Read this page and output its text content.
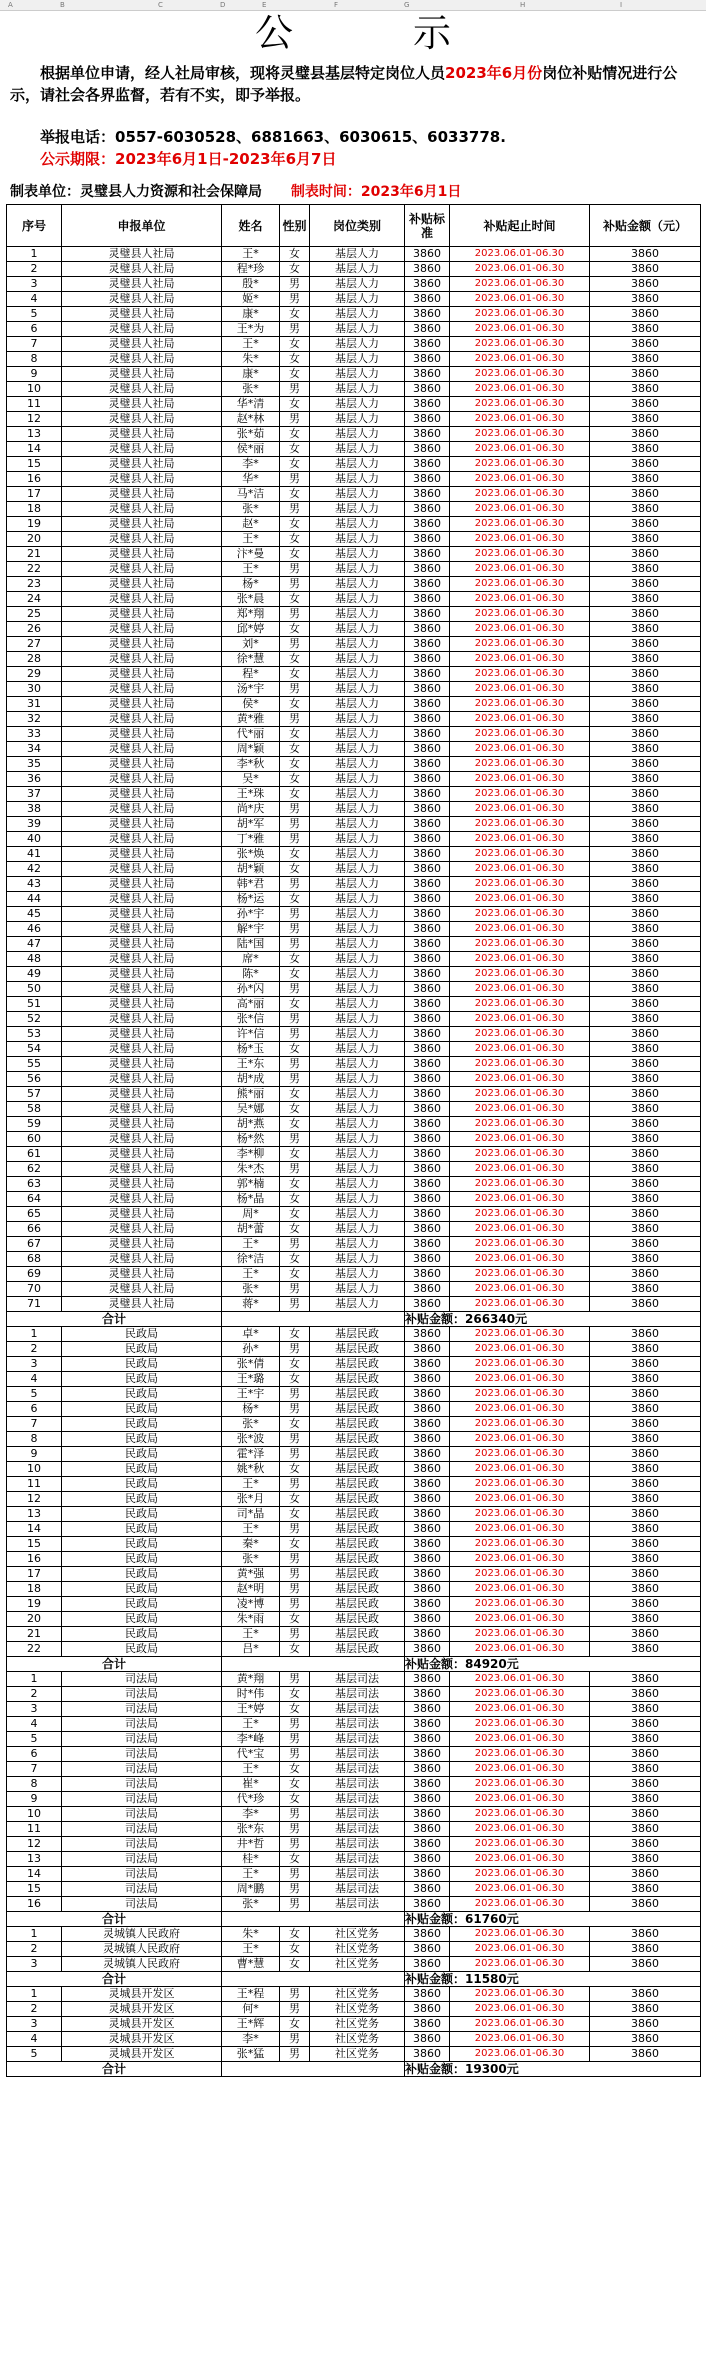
A	B	C	D	E	F	G	H	I
公示
  根据单位申请，经人社局审核，现将灵璧县基层特定岗位人员2023年6月份岗位补贴情况进行公示，请社会各界监督，若有不实，即予举报。
举报电话：0557-6030528、6881663、6030615、6033778.
公示期限：2023年6月1日-2023年6月7日
制表单位：灵璧县人力资源和社会保障局 制表时间：2023年6月1日
序号	申报单位	姓名	性别	岗位类别	补贴标准	补贴起止时间	补贴金额（元）
1	灵璧县人社局	王*	女	基层人力	3860	2023.06.01-06.30	3860
2	灵璧县人社局	程*珍	女	基层人力	3860	2023.06.01-06.30	3860
3	灵璧县人社局	殷*	男	基层人力	3860	2023.06.01-06.30	3860
4	灵璧县人社局	姬*	男	基层人力	3860	2023.06.01-06.30	3860
5	灵璧县人社局	康*	女	基层人力	3860	2023.06.01-06.30	3860
6	灵璧县人社局	王*为	男	基层人力	3860	2023.06.01-06.30	3860
7	灵璧县人社局	王*	女	基层人力	3860	2023.06.01-06.30	3860
8	灵璧县人社局	朱*	女	基层人力	3860	2023.06.01-06.30	3860
9	灵璧县人社局	康*	女	基层人力	3860	2023.06.01-06.30	3860
10	灵璧县人社局	张*	男	基层人力	3860	2023.06.01-06.30	3860
11	灵璧县人社局	华*清	女	基层人力	3860	2023.06.01-06.30	3860
12	灵璧县人社局	赵*林	男	基层人力	3860	2023.06.01-06.30	3860
13	灵璧县人社局	张*茹	女	基层人力	3860	2023.06.01-06.30	3860
14	灵璧县人社局	侯*丽	女	基层人力	3860	2023.06.01-06.30	3860
15	灵璧县人社局	李*	女	基层人力	3860	2023.06.01-06.30	3860
16	灵璧县人社局	华*	男	基层人力	3860	2023.06.01-06.30	3860
17	灵璧县人社局	马*洁	女	基层人力	3860	2023.06.01-06.30	3860
18	灵璧县人社局	张*	男	基层人力	3860	2023.06.01-06.30	3860
19	灵璧县人社局	赵*	女	基层人力	3860	2023.06.01-06.30	3860
20	灵璧县人社局	王*	女	基层人力	3860	2023.06.01-06.30	3860
21	灵璧县人社局	汴*曼	女	基层人力	3860	2023.06.01-06.30	3860
22	灵璧县人社局	王*	男	基层人力	3860	2023.06.01-06.30	3860
23	灵璧县人社局	杨*	男	基层人力	3860	2023.06.01-06.30	3860
24	灵璧县人社局	张*晨	女	基层人力	3860	2023.06.01-06.30	3860
25	灵璧县人社局	郑*翔	男	基层人力	3860	2023.06.01-06.30	3860
26	灵璧县人社局	邱*婷	女	基层人力	3860	2023.06.01-06.30	3860
27	灵璧县人社局	刘*	男	基层人力	3860	2023.06.01-06.30	3860
28	灵璧县人社局	徐*慧	女	基层人力	3860	2023.06.01-06.30	3860
29	灵璧县人社局	程*	女	基层人力	3860	2023.06.01-06.30	3860
30	灵璧县人社局	汤*宇	男	基层人力	3860	2023.06.01-06.30	3860
31	灵璧县人社局	侯*	女	基层人力	3860	2023.06.01-06.30	3860
32	灵璧县人社局	黄*雅	男	基层人力	3860	2023.06.01-06.30	3860
33	灵璧县人社局	代*丽	女	基层人力	3860	2023.06.01-06.30	3860
34	灵璧县人社局	周*颖	女	基层人力	3860	2023.06.01-06.30	3860
35	灵璧县人社局	李*秋	女	基层人力	3860	2023.06.01-06.30	3860
36	灵璧县人社局	吴*	女	基层人力	3860	2023.06.01-06.30	3860
37	灵璧县人社局	王*珠	女	基层人力	3860	2023.06.01-06.30	3860
38	灵璧县人社局	尚*庆	男	基层人力	3860	2023.06.01-06.30	3860
39	灵璧县人社局	胡*军	男	基层人力	3860	2023.06.01-06.30	3860
40	灵璧县人社局	丁*雅	男	基层人力	3860	2023.06.01-06.30	3860
41	灵璧县人社局	张*焕	女	基层人力	3860	2023.06.01-06.30	3860
42	灵璧县人社局	胡*颖	女	基层人力	3860	2023.06.01-06.30	3860
43	灵璧县人社局	韩*君	男	基层人力	3860	2023.06.01-06.30	3860
44	灵璧县人社局	杨*运	女	基层人力	3860	2023.06.01-06.30	3860
45	灵璧县人社局	孙*宇	男	基层人力	3860	2023.06.01-06.30	3860
46	灵璧县人社局	解*宇	男	基层人力	3860	2023.06.01-06.30	3860
47	灵璧县人社局	陆*国	男	基层人力	3860	2023.06.01-06.30	3860
48	灵璧县人社局	席*	女	基层人力	3860	2023.06.01-06.30	3860
49	灵璧县人社局	陈*	女	基层人力	3860	2023.06.01-06.30	3860
50	灵璧县人社局	孙*闪	男	基层人力	3860	2023.06.01-06.30	3860
51	灵璧县人社局	高*丽	女	基层人力	3860	2023.06.01-06.30	3860
52	灵璧县人社局	张*信	男	基层人力	3860	2023.06.01-06.30	3860
53	灵璧县人社局	许*信	男	基层人力	3860	2023.06.01-06.30	3860
54	灵璧县人社局	杨*玉	女	基层人力	3860	2023.06.01-06.30	3860
55	灵璧县人社局	王*东	男	基层人力	3860	2023.06.01-06.30	3860
56	灵璧县人社局	胡*成	男	基层人力	3860	2023.06.01-06.30	3860
57	灵璧县人社局	熊*丽	女	基层人力	3860	2023.06.01-06.30	3860
58	灵璧县人社局	吴*娜	女	基层人力	3860	2023.06.01-06.30	3860
59	灵璧县人社局	胡*燕	女	基层人力	3860	2023.06.01-06.30	3860
60	灵璧县人社局	杨*然	男	基层人力	3860	2023.06.01-06.30	3860
61	灵璧县人社局	李*柳	女	基层人力	3860	2023.06.01-06.30	3860
62	灵璧县人社局	朱*杰	男	基层人力	3860	2023.06.01-06.30	3860
63	灵璧县人社局	郭*楠	女	基层人力	3860	2023.06.01-06.30	3860
64	灵璧县人社局	杨*晶	女	基层人力	3860	2023.06.01-06.30	3860
65	灵璧县人社局	周*	女	基层人力	3860	2023.06.01-06.30	3860
66	灵璧县人社局	胡*蕾	女	基层人力	3860	2023.06.01-06.30	3860
67	灵璧县人社局	王*	男	基层人力	3860	2023.06.01-06.30	3860
68	灵璧县人社局	徐*洁	女	基层人力	3860	2023.06.01-06.30	3860
69	灵璧县人社局	王*	女	基层人力	3860	2023.06.01-06.30	3860
70	灵璧县人社局	张*	男	基层人力	3860	2023.06.01-06.30	3860
71	灵璧县人社局	蒋*	男	基层人力	3860	2023.06.01-06.30	3860
合计					补贴金额：266340元		
1	民政局	卓*	女	基层民政	3860	2023.06.01-06.30	3860
2	民政局	孙*	男	基层民政	3860	2023.06.01-06.30	3860
3	民政局	张*倩	女	基层民政	3860	2023.06.01-06.30	3860
4	民政局	王*璐	女	基层民政	3860	2023.06.01-06.30	3860
5	民政局	王*宇	男	基层民政	3860	2023.06.01-06.30	3860
6	民政局	杨*	男	基层民政	3860	2023.06.01-06.30	3860
7	民政局	张*	女	基层民政	3860	2023.06.01-06.30	3860
8	民政局	张*波	男	基层民政	3860	2023.06.01-06.30	3860
9	民政局	霍*泽	男	基层民政	3860	2023.06.01-06.30	3860
10	民政局	姚*秋	女	基层民政	3860	2023.06.01-06.30	3860
11	民政局	王*	男	基层民政	3860	2023.06.01-06.30	3860
12	民政局	张*月	女	基层民政	3860	2023.06.01-06.30	3860
13	民政局	司*晶	女	基层民政	3860	2023.06.01-06.30	3860
14	民政局	王*	男	基层民政	3860	2023.06.01-06.30	3860
15	民政局	秦*	女	基层民政	3860	2023.06.01-06.30	3860
16	民政局	张*	男	基层民政	3860	2023.06.01-06.30	3860
17	民政局	黄*强	男	基层民政	3860	2023.06.01-06.30	3860
18	民政局	赵*明	男	基层民政	3860	2023.06.01-06.30	3860
19	民政局	凌*博	男	基层民政	3860	2023.06.01-06.30	3860
20	民政局	朱*雨	女	基层民政	3860	2023.06.01-06.30	3860
21	民政局	王*	男	基层民政	3860	2023.06.01-06.30	3860
22	民政局	吕*	女	基层民政	3860	2023.06.01-06.30	3860
合计					补贴金额：84920元		
1	司法局	黄*翔	男	基层司法	3860	2023.06.01-06.30	3860
2	司法局	时*伟	女	基层司法	3860	2023.06.01-06.30	3860
3	司法局	王*婷	女	基层司法	3860	2023.06.01-06.30	3860
4	司法局	王*	男	基层司法	3860	2023.06.01-06.30	3860
5	司法局	李*峰	男	基层司法	3860	2023.06.01-06.30	3860
6	司法局	代*宝	男	基层司法	3860	2023.06.01-06.30	3860
7	司法局	王*	女	基层司法	3860	2023.06.01-06.30	3860
8	司法局	崔*	女	基层司法	3860	2023.06.01-06.30	3860
9	司法局	代*珍	女	基层司法	3860	2023.06.01-06.30	3860
10	司法局	李*	男	基层司法	3860	2023.06.01-06.30	3860
11	司法局	张*东	男	基层司法	3860	2023.06.01-06.30	3860
12	司法局	井*哲	男	基层司法	3860	2023.06.01-06.30	3860
13	司法局	桂*	女	基层司法	3860	2023.06.01-06.30	3860
14	司法局	王*	男	基层司法	3860	2023.06.01-06.30	3860
15	司法局	周*鹏	男	基层司法	3860	2023.06.01-06.30	3860
16	司法局	张*	男	基层司法	3860	2023.06.01-06.30	3860
合计					补贴金额：61760元		
1	灵城镇人民政府	朱*	女	社区党务	3860	2023.06.01-06.30	3860
2	灵城镇人民政府	王*	女	社区党务	3860	2023.06.01-06.30	3860
3	灵城镇人民政府	曹*慧	女	社区党务	3860	2023.06.01-06.30	3860
合计					补贴金额：11580元		
1	灵城县开发区	王*程	男	社区党务	3860	2023.06.01-06.30	3860
2	灵城县开发区	何*	男	社区党务	3860	2023.06.01-06.30	3860
3	灵城县开发区	王*辉	女	社区党务	3860	2023.06.01-06.30	3860
4	灵城县开发区	李*	男	社区党务	3860	2023.06.01-06.30	3860
5	灵城县开发区	张*猛	男	社区党务	3860	2023.06.01-06.30	3860
合计					补贴金额：19300元		
